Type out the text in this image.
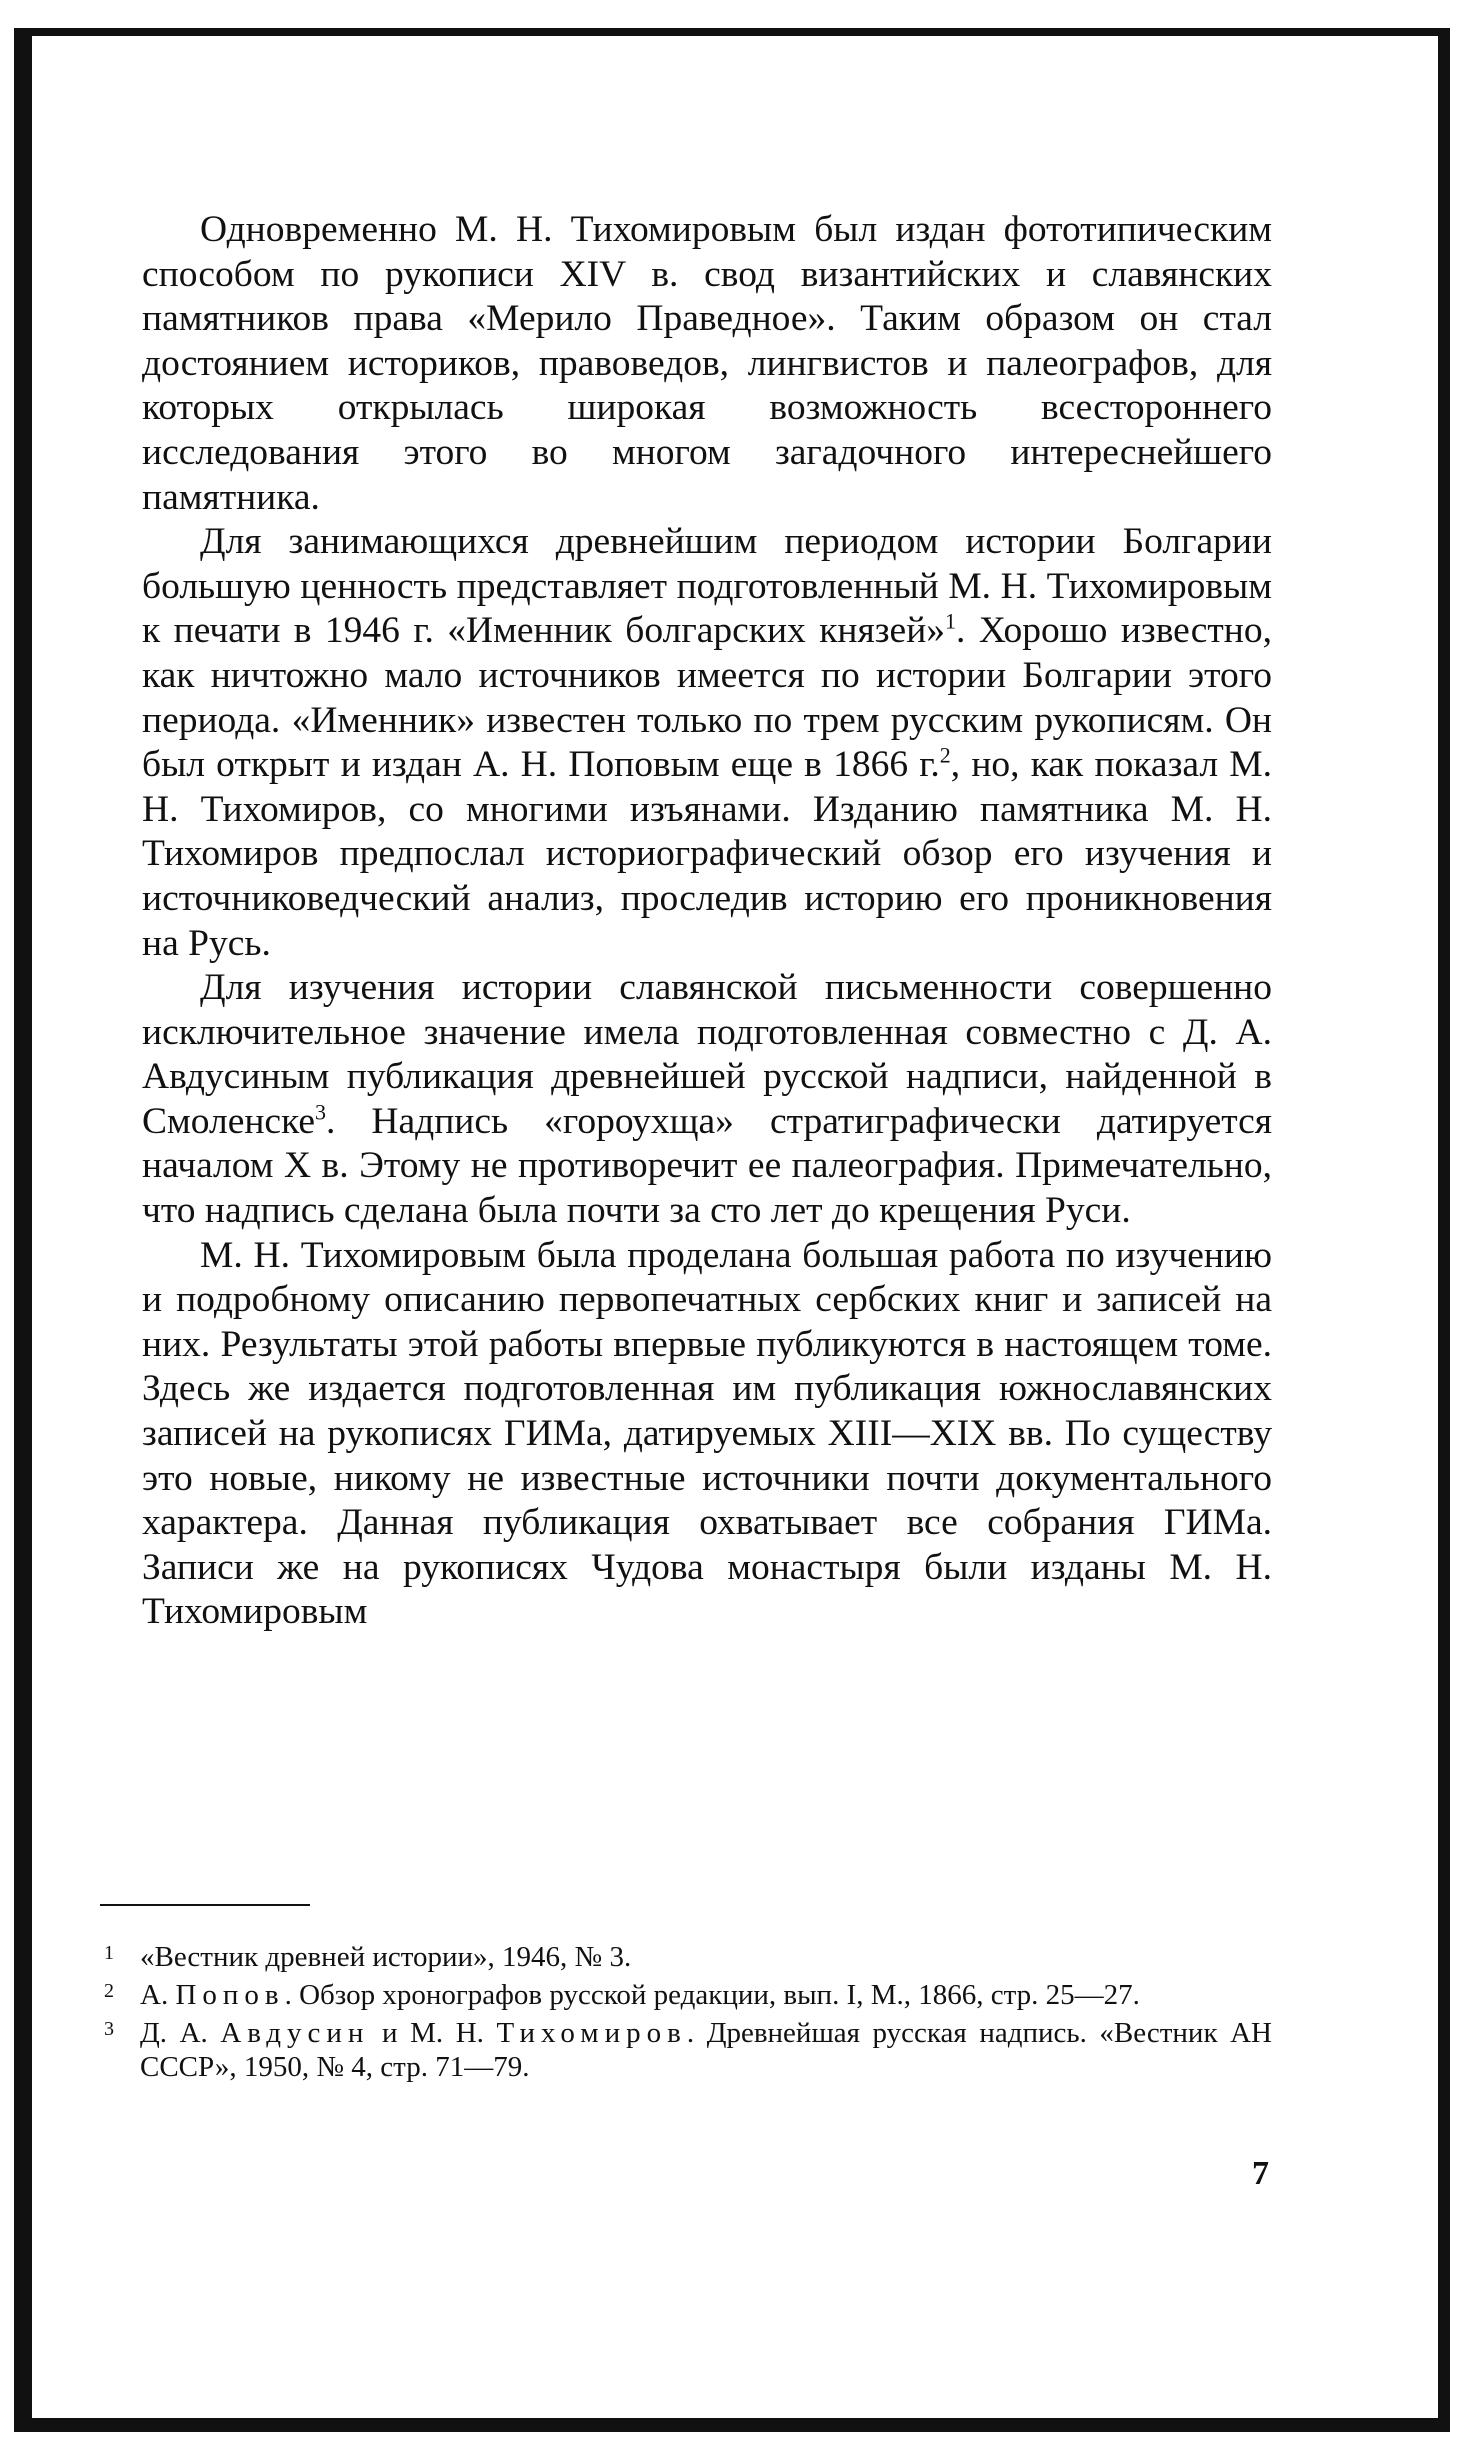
Одновременно М. Н. Тихомировым был издан фототипическим способом по рукописи XIV в. свод византийских и славянских памятников права «Мерило Праведное». Таким образом он стал достоянием историков, правоведов, лингвистов и палеографов, для которых открылась широкая возможность всестороннего исследования этого во многом загадочного интереснейшего памятника.

Для занимающихся древнейшим периодом истории Болгарии большую ценность представляет подготовленный М. Н. Тихомировым к печати в 1946 г. «Именник болгарских князей»$^1$. Хорошо известно, как ничтожно мало источников имеется по истории Болгарии этого периода. «Именник» известен только по трем русским рукописям. Он был открыт и издан А. Н. Поповым еще в 1866 г.$^2$, но, как показал М. Н. Тихомиров, со многими изъянами. Изданию памятника М. Н. Тихомиров предпослал историографический обзор его изучения и источниковедческий анализ, проследив историю его проникновения на Русь.

Для изучения истории славянской письменности совершенно исключительное значение имела подготовленная совместно с Д. А. Авдусиным публикация древнейшей русской надписи, найденной в Смоленске$^3$. Надпись «гороухща» стратиграфически датируется началом X в. Этому не противоречит ее палеография. Примечательно, что надпись сделана была почти за сто лет до крещения Руси.

М. Н. Тихомировым была проделана большая работа по изучению и подробному описанию первопечатных сербских книг и записей на них. Результаты этой работы впервые публикуются в настоящем томе. Здесь же издается подготовленная им публикация южнославянских записей на рукописях ГИМа, датируемых XIII—XIX вв. По существу это новые, никому не известные источники почти документального характера. Данная публикация охватывает все собрания ГИМа. Записи же на рукописях Чудова монастыря были изданы М. Н. Тихомировым

1 «Вестник древней истории», 1946, № 3.
2 А. Попов. Обзор хронографов русской редакции, вып. I, М., 1866, стр. 25—27.
3 Д. А. Авдусин и М. Н. Тихомиров. Древнейшая русская надпись. «Вестник АН СССР», 1950, № 4, стр. 71—79.
7
